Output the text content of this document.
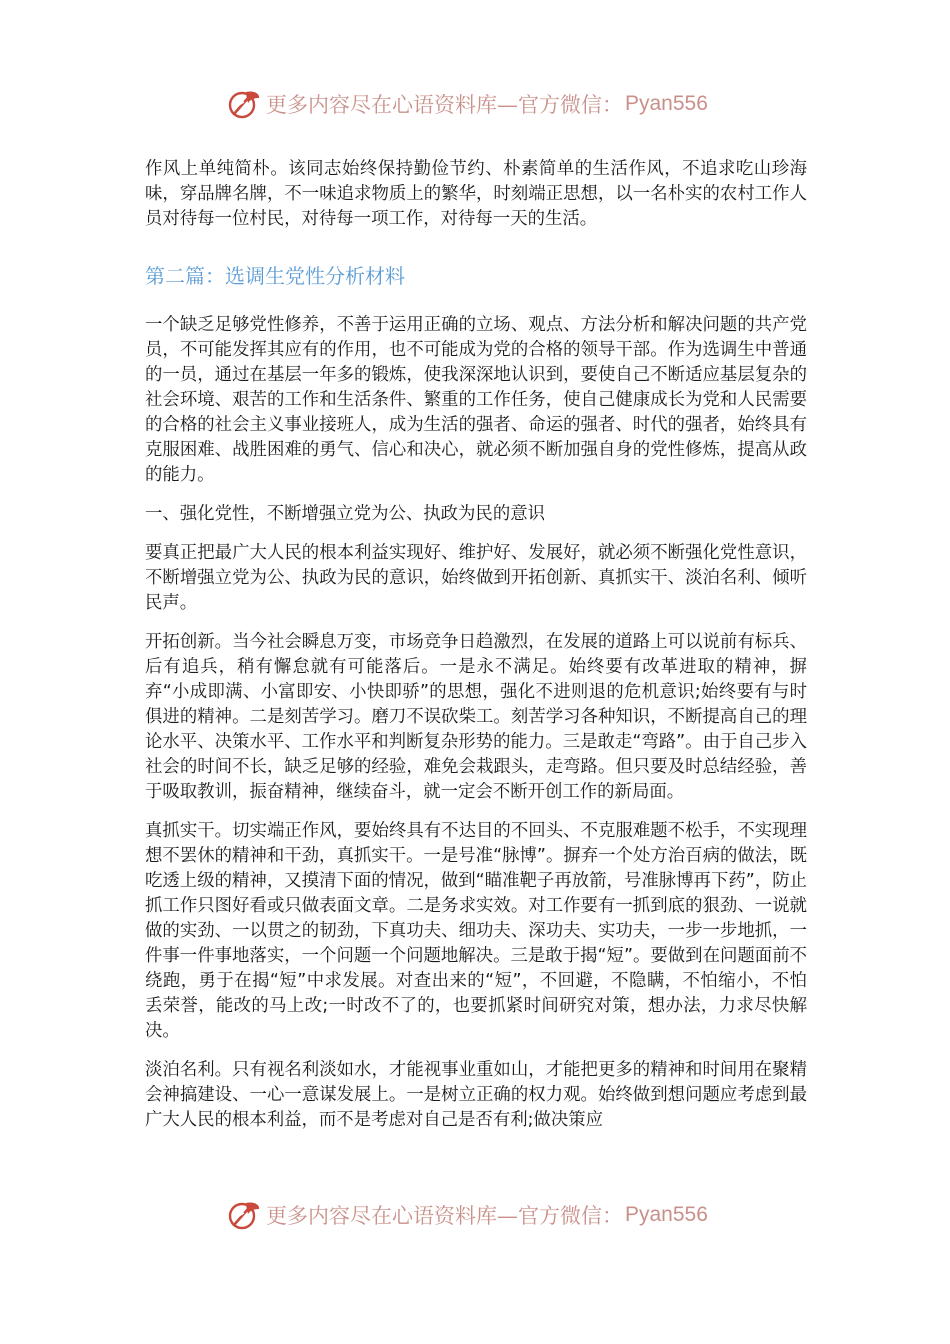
更多内容尽在心语资料库—官方微信： Pyan556

作风上单纯简朴。该同志始终保持勤俭节约、朴素简单的生活作风，不追求吃山珍海味，穿品牌名牌，不一味追求物质上的繁华，时刻端正思想，以一名朴实的农村工作人员对待每一位村民，对待每一项工作，对待每一天的生活。

第二篇：选调生党性分析材料

一个缺乏足够党性修养，不善于运用正确的立场、观点、方法分析和解决问题的共产党员，不可能发挥其应有的作用，也不可能成为党的合格的领导干部。作为选调生中普通的一员，通过在基层一年多的锻炼，使我深深地认识到，要使自己不断适应基层复杂的社会环境、艰苦的工作和生活条件、繁重的工作任务，使自己健康成长为党和人民需要的合格的社会主义事业接班人，成为生活的强者、命运的强者、时代的强者，始终具有克服困难、战胜困难的勇气、信心和决心，就必须不断加强自身的党性修炼，提高从政的能力。

一、强化党性，不断增强立党为公、执政为民的意识

要真正把最广大人民的根本利益实现好、维护好、发展好，就必须不断强化党性意识，不断增强立党为公、执政为民的意识，始终做到开拓创新、真抓实干、淡泊名利、倾听民声。

开拓创新。当今社会瞬息万变，市场竞争日趋激烈，在发展的道路上可以说前有标兵、后有追兵，稍有懈怠就有可能落后。一是永不满足。始终要有改革进取的精神，摒弃“小成即满、小富即安、小快即骄”的思想，强化不进则退的危机意识;始终要有与时俱进的精神。二是刻苦学习。磨刀不误砍柴工。刻苦学习各种知识，不断提高自己的理论水平、决策水平、工作水平和判断复杂形势的能力。三是敢走“弯路”。由于自己步入社会的时间不长，缺乏足够的经验，难免会栽跟头，走弯路。但只要及时总结经验，善于吸取教训，振奋精神，继续奋斗，就一定会不断开创工作的新局面。

真抓实干。切实端正作风，要始终具有不达目的不回头、不克服难题不松手，不实现理想不罢休的精神和干劲，真抓实干。一是号准“脉博”。摒弃一个处方治百病的做法，既吃透上级的精神，又摸清下面的情况，做到“瞄准靶子再放箭，号准脉博再下药”，防止抓工作只图好看或只做表面文章。二是务求实效。对工作要有一抓到底的狠劲、一说就做的实劲、一以贯之的韧劲，下真功夫、细功夫、深功夫、实功夫，一步一步地抓，一件事一件事地落实，一个问题一个问题地解决。三是敢于揭“短”。要做到在问题面前不绕跑，勇于在揭“短”中求发展。对查出来的“短”，不回避，不隐瞒，不怕缩小，不怕丢荣誉，能改的马上改;一时改不了的，也要抓紧时间研究对策，想办法，力求尽快解决。

淡泊名利。只有视名利淡如水，才能视事业重如山，才能把更多的精神和时间用在聚精会神搞建设、一心一意谋发展上。一是树立正确的权力观。始终做到想问题应考虑到最广大人民的根本利益，而不是考虑对自己是否有利;做决策应

更多内容尽在心语资料库—官方微信： Pyan556
